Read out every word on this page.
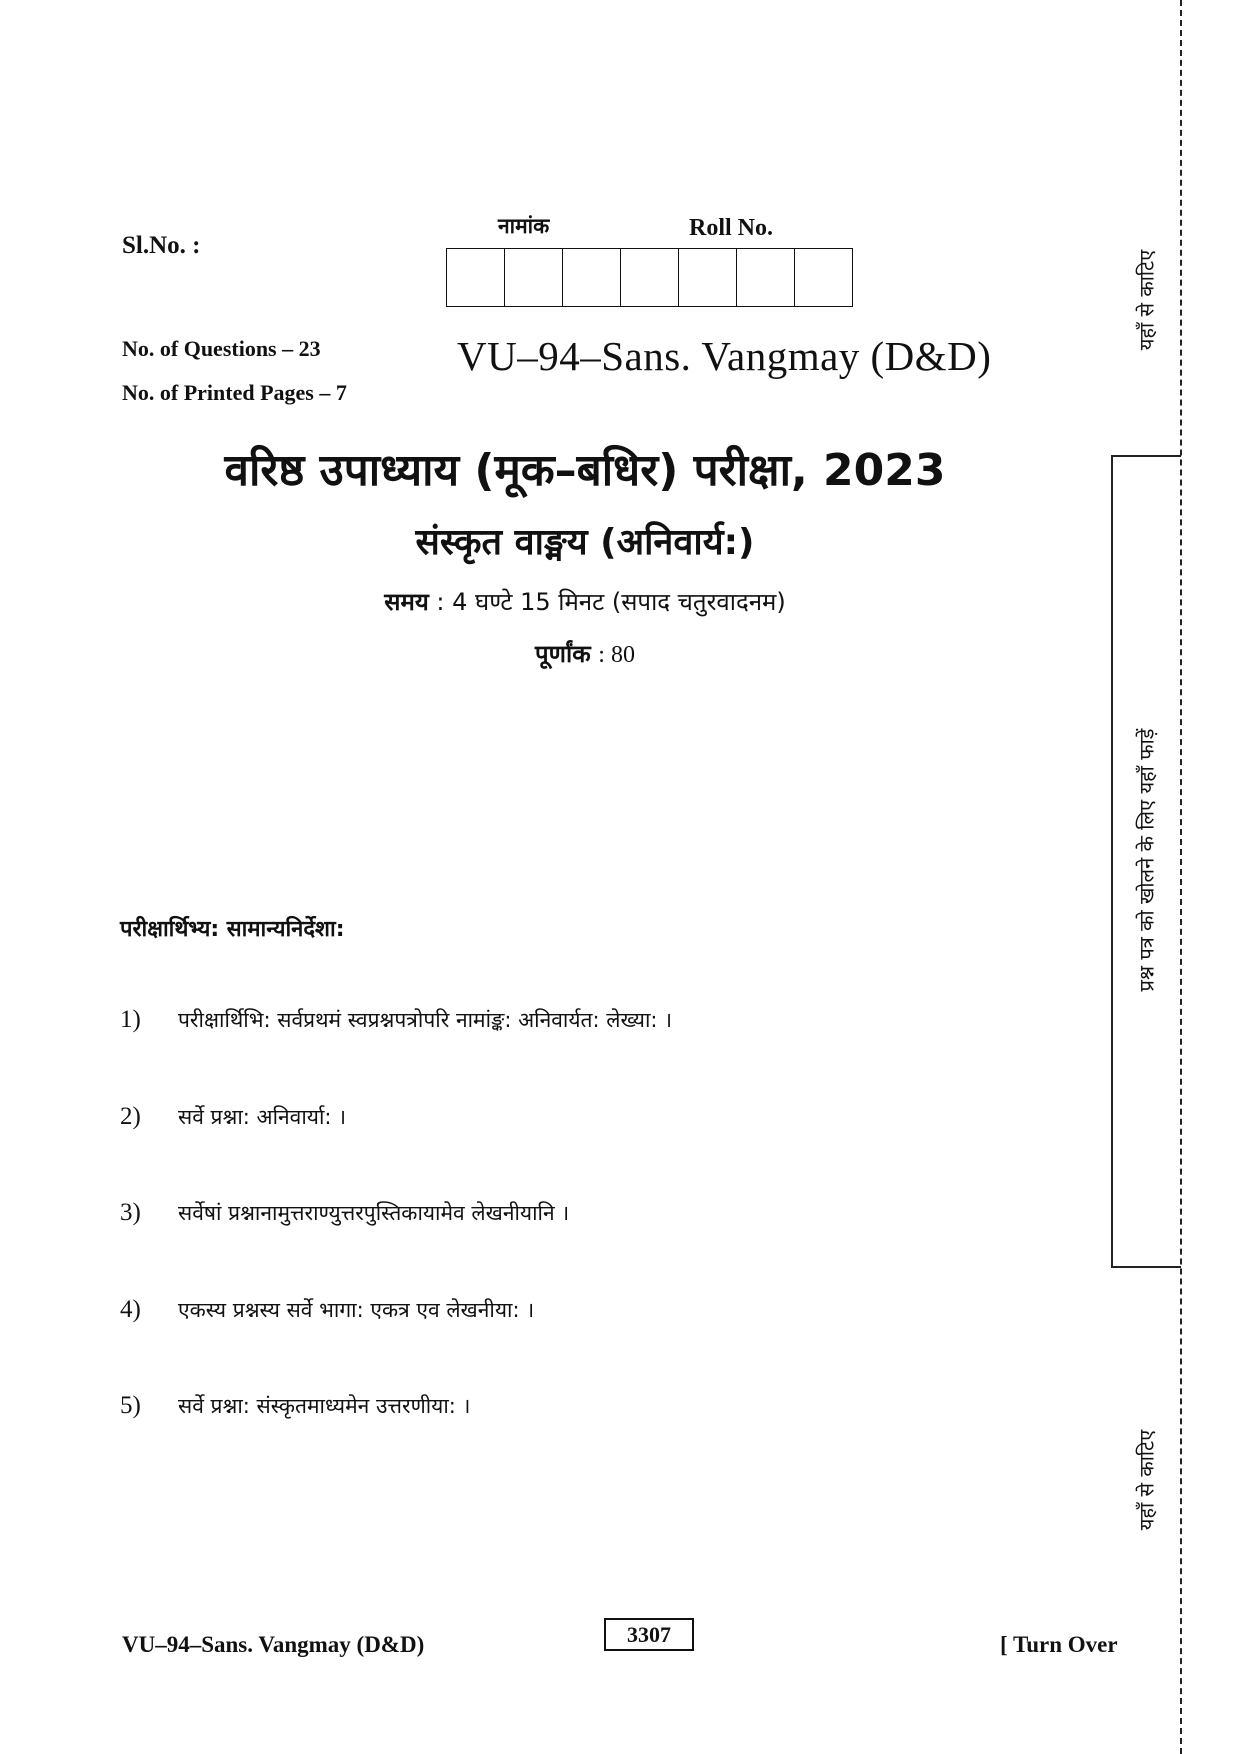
Sl.No. :
नामांक	Roll No.
No. of Questions – 23
No. of Printed Pages – 7
VU–94–Sans. Vangmay (D&D)
वरिष्ठ उपाध्याय (मूक–बधिर) परीक्षा, 2023
संस्कृत वाङ्मय (अनिवार्य:)
समय : 4 घण्टे 15 मिनट (सपाद चतुरवादनम)
पूर्णांक : 80
परीक्षार्थिभ्य: सामान्यनिर्देशा:
1)	परीक्षार्थिभि: सर्वप्रथमं स्वप्रश्नपत्रोपरि नामांङ्क: अनिवार्यत: लेख्या: ।
2)	सर्वे प्रश्ना: अनिवार्या: ।
3)	सर्वेषां प्रश्नानामुत्तराण्युत्तरपुस्तिकायामेव लेखनीयानि ।
4)	एकस्य प्रश्नस्य सर्वे भागा: एकत्र एव लेखनीया: ।
5)	सर्वे प्रश्ना: संस्कृतमाध्यमेन उत्तरणीया: ।
VU–94–Sans. Vangmay (D&D)	3307	[ Turn Over
यहाँ से काटिए
प्रश्न पत्र को खोलने के लिए यहाँ फाड़ें
यहाँ से काटिए
